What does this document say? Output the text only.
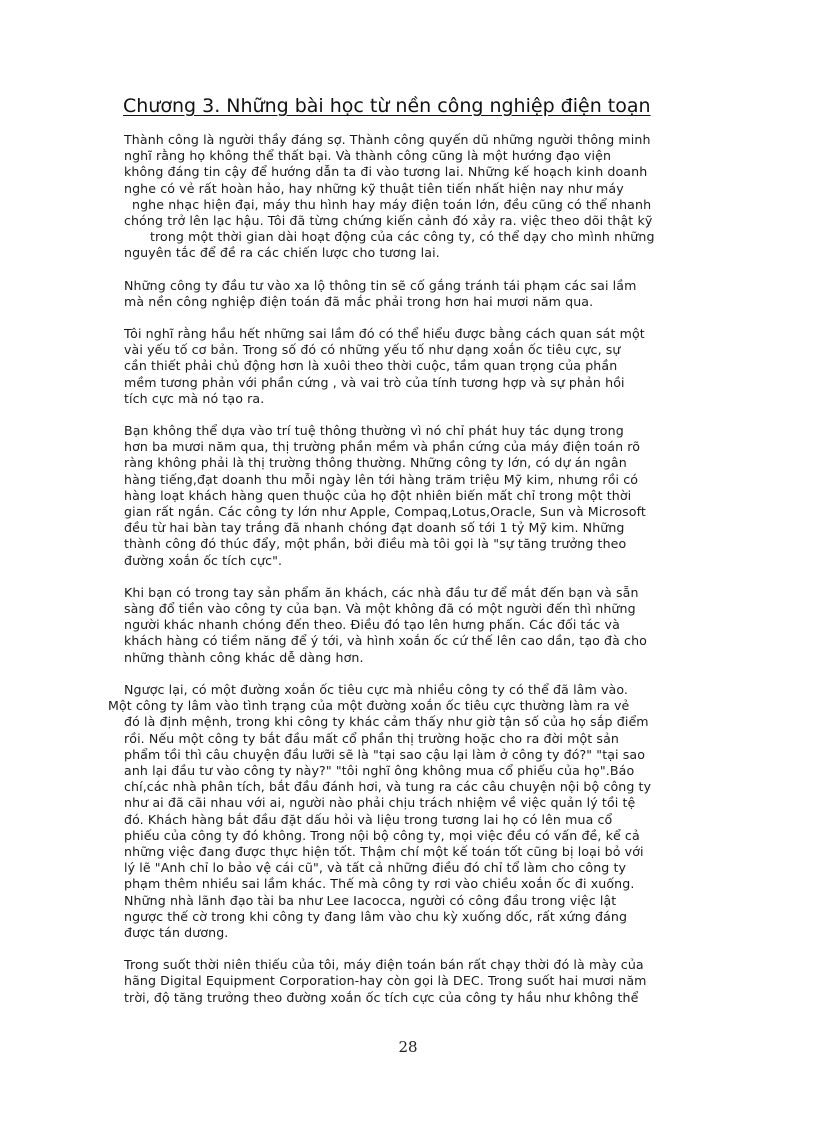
Chương 3. Những bài học từ nền công nghiệp điện toạn

Thành công là người thầy đáng sợ. Thành công quyến dũ những người thông minh
nghĩ rằng họ không thể thất bại. Và thành công cũng là một hướng đạo viện
không đáng tin cậy để hướng dẫn ta đi vào tương lai. Những kế hoạch kinh doanh
nghe có vẻ rất hoàn hảo, hay những kỹ thuật tiên tiến nhất hiện nay như máy
nghe nhạc hiện đại, máy thu hình hay máy điện toán lớn, đều cũng có thể nhanh
chóng trở lên lạc hậu. Tôi đã từng chứng kiến cảnh đó xảy ra. việc theo dõi thật kỹ
trong một thời gian dài hoạt động của các công ty, có thể dạy cho mình những
nguyên tắc để đề ra các chiến lược cho tương lai.

Những công ty đầu tư vào xa lộ thông tin sẽ cố gắng tránh tái phạm các sai lầm
mà nền công nghiệp điện toán đã mắc phải trong hơn hai mươi năm qua.

Tôi nghĩ rằng hầu hết những sai lầm đó có thể hiểu được bằng cách quan sát một
vài yếu tố cơ bản. Trong số đó có những yếu tố như dạng xoắn ốc tiêu cực, sự
cần thiết phải chủ động hơn là xuôi theo thời cuộc, tầm quan trọng của phần
mềm tương phản với phần cứng , và vai trò của tính tương hợp và sự phản hồi
tích cực mà nó tạo ra.

Bạn không thể dựa vào trí tuệ thông thường vì nó chỉ phát huy tác dụng trong
hơn ba mươi năm qua, thị trường phần mềm và phần cứng của máy điện toán rõ
ràng không phải là thị trường thông thường. Những công ty lớn, có dự án ngân
hàng tiếng,đạt doanh thu mỗi ngày lên tới hàng trăm triệu Mỹ kim, nhưng rồi có
hàng loạt khách hàng quen thuộc của họ đột nhiên biến mất chỉ trong một thời
gian rất ngắn. Các công ty lớn như Apple, Compaq,Lotus,Oracle, Sun và Microsoft
đều từ hai bàn tay trắng đã nhanh chóng đạt doanh số tới 1 tỷ Mỹ kim. Những
thành công đó thúc đẩy, một phần, bởi điều mà tôi gọi là "sự tăng trưởng theo
đường xoắn ốc tích cực".

Khi bạn có trong tay sản phẩm ăn khách, các nhà đầu tư để mắt đến bạn và sẵn
sàng đổ tiền vào công ty của bạn. Và một không đã có một người đến thì những
người khác nhanh chóng đến theo. Điều đó tạo lên hưng phấn. Các đối tác và
khách hàng có tiềm năng để ý tới, và hình xoắn ốc cứ thế lên cao dần, tạo đà cho
những thành công khác dễ dàng hơn.

Ngược lại, có một đường xoắn ốc tiêu cực mà nhiều công ty có thể đã lâm vào.
Một công ty lâm vào tình trạng của một đường xoắn ốc tiêu cực thường làm ra vẻ
đó là định mệnh, trong khi công ty khác cảm thấy như giờ tận số của họ sắp điểm
rồi. Nếu một công ty bắt đầu mất cổ phần thị trường hoặc cho ra đời một sản
phẩm tồi thì câu chuyện đầu lưỡi sẽ là "tại sao cậu lại làm ở công ty đó?" "tại sao
anh lại đầu tư vào công ty này?" "tôi nghĩ ông không mua cổ phiếu của họ".Báo
chí,các nhà phân tích, bắt đầu đánh hơi, và tung ra các câu chuyện nội bộ công ty
như ai đã cãi nhau với ai, người nào phải chịu trách nhiệm về việc quản lý tồi tệ
đó. Khách hàng bắt đầu đặt dấu hỏi và liệu trong tương lai họ có lên mua cổ
phiếu của công ty đó không. Trong nội bộ công ty, mọi việc đều có vấn đề, kể cả
những việc đang được thực hiện tốt. Thậm chí một kế toán tốt cũng bị loại bỏ với
lý lẽ "Anh chỉ lo bảo vệ cái cũ", và tất cả những điều đó chỉ tổ làm cho công ty
phạm thêm nhiều sai lầm khác. Thế mà công ty rơi vào chiều xoắn ốc đi xuống.
Những nhà lãnh đạo tài ba như Lee Iacocca, người có công đầu trong việc lật
ngược thế cờ trong khi công ty đang lâm vào chu kỳ xuống dốc, rất xứng đáng
được tán dương.

Trong suốt thời niên thiếu của tôi, máy điện toán bán rất chạy thời đó là mày của
hãng Digital Equipment Corporation-hay còn gọi là DEC. Trong suốt hai mươi năm
trời, độ tăng trưởng theo đường xoắn ốc tích cực của công ty hầu như không thể

28
